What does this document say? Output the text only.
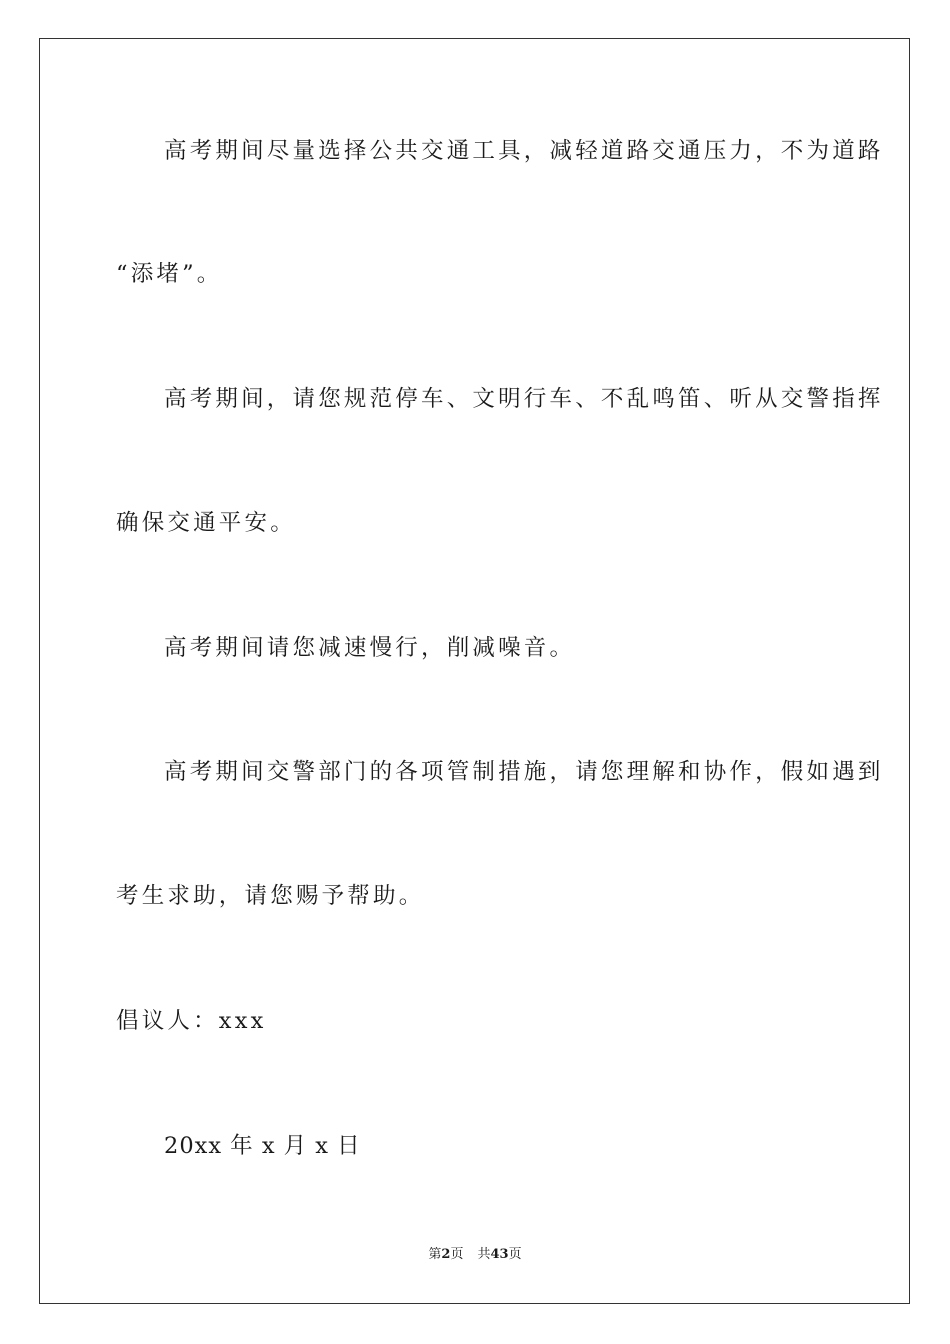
高考期间尽量选择公共交通工具，减轻道路交通压力，不为道路
“添堵”。
高考期间，请您规范停车、文明行车、不乱鸣笛、听从交警指挥
确保交通平安。
高考期间请您减速慢行，削减噪音。
高考期间交警部门的各项管制措施，请您理解和协作，假如遇到
考生求助，请您赐予帮助。
倡议人：xxx
20xx 年 x 月 x 日
第2页 共43页
